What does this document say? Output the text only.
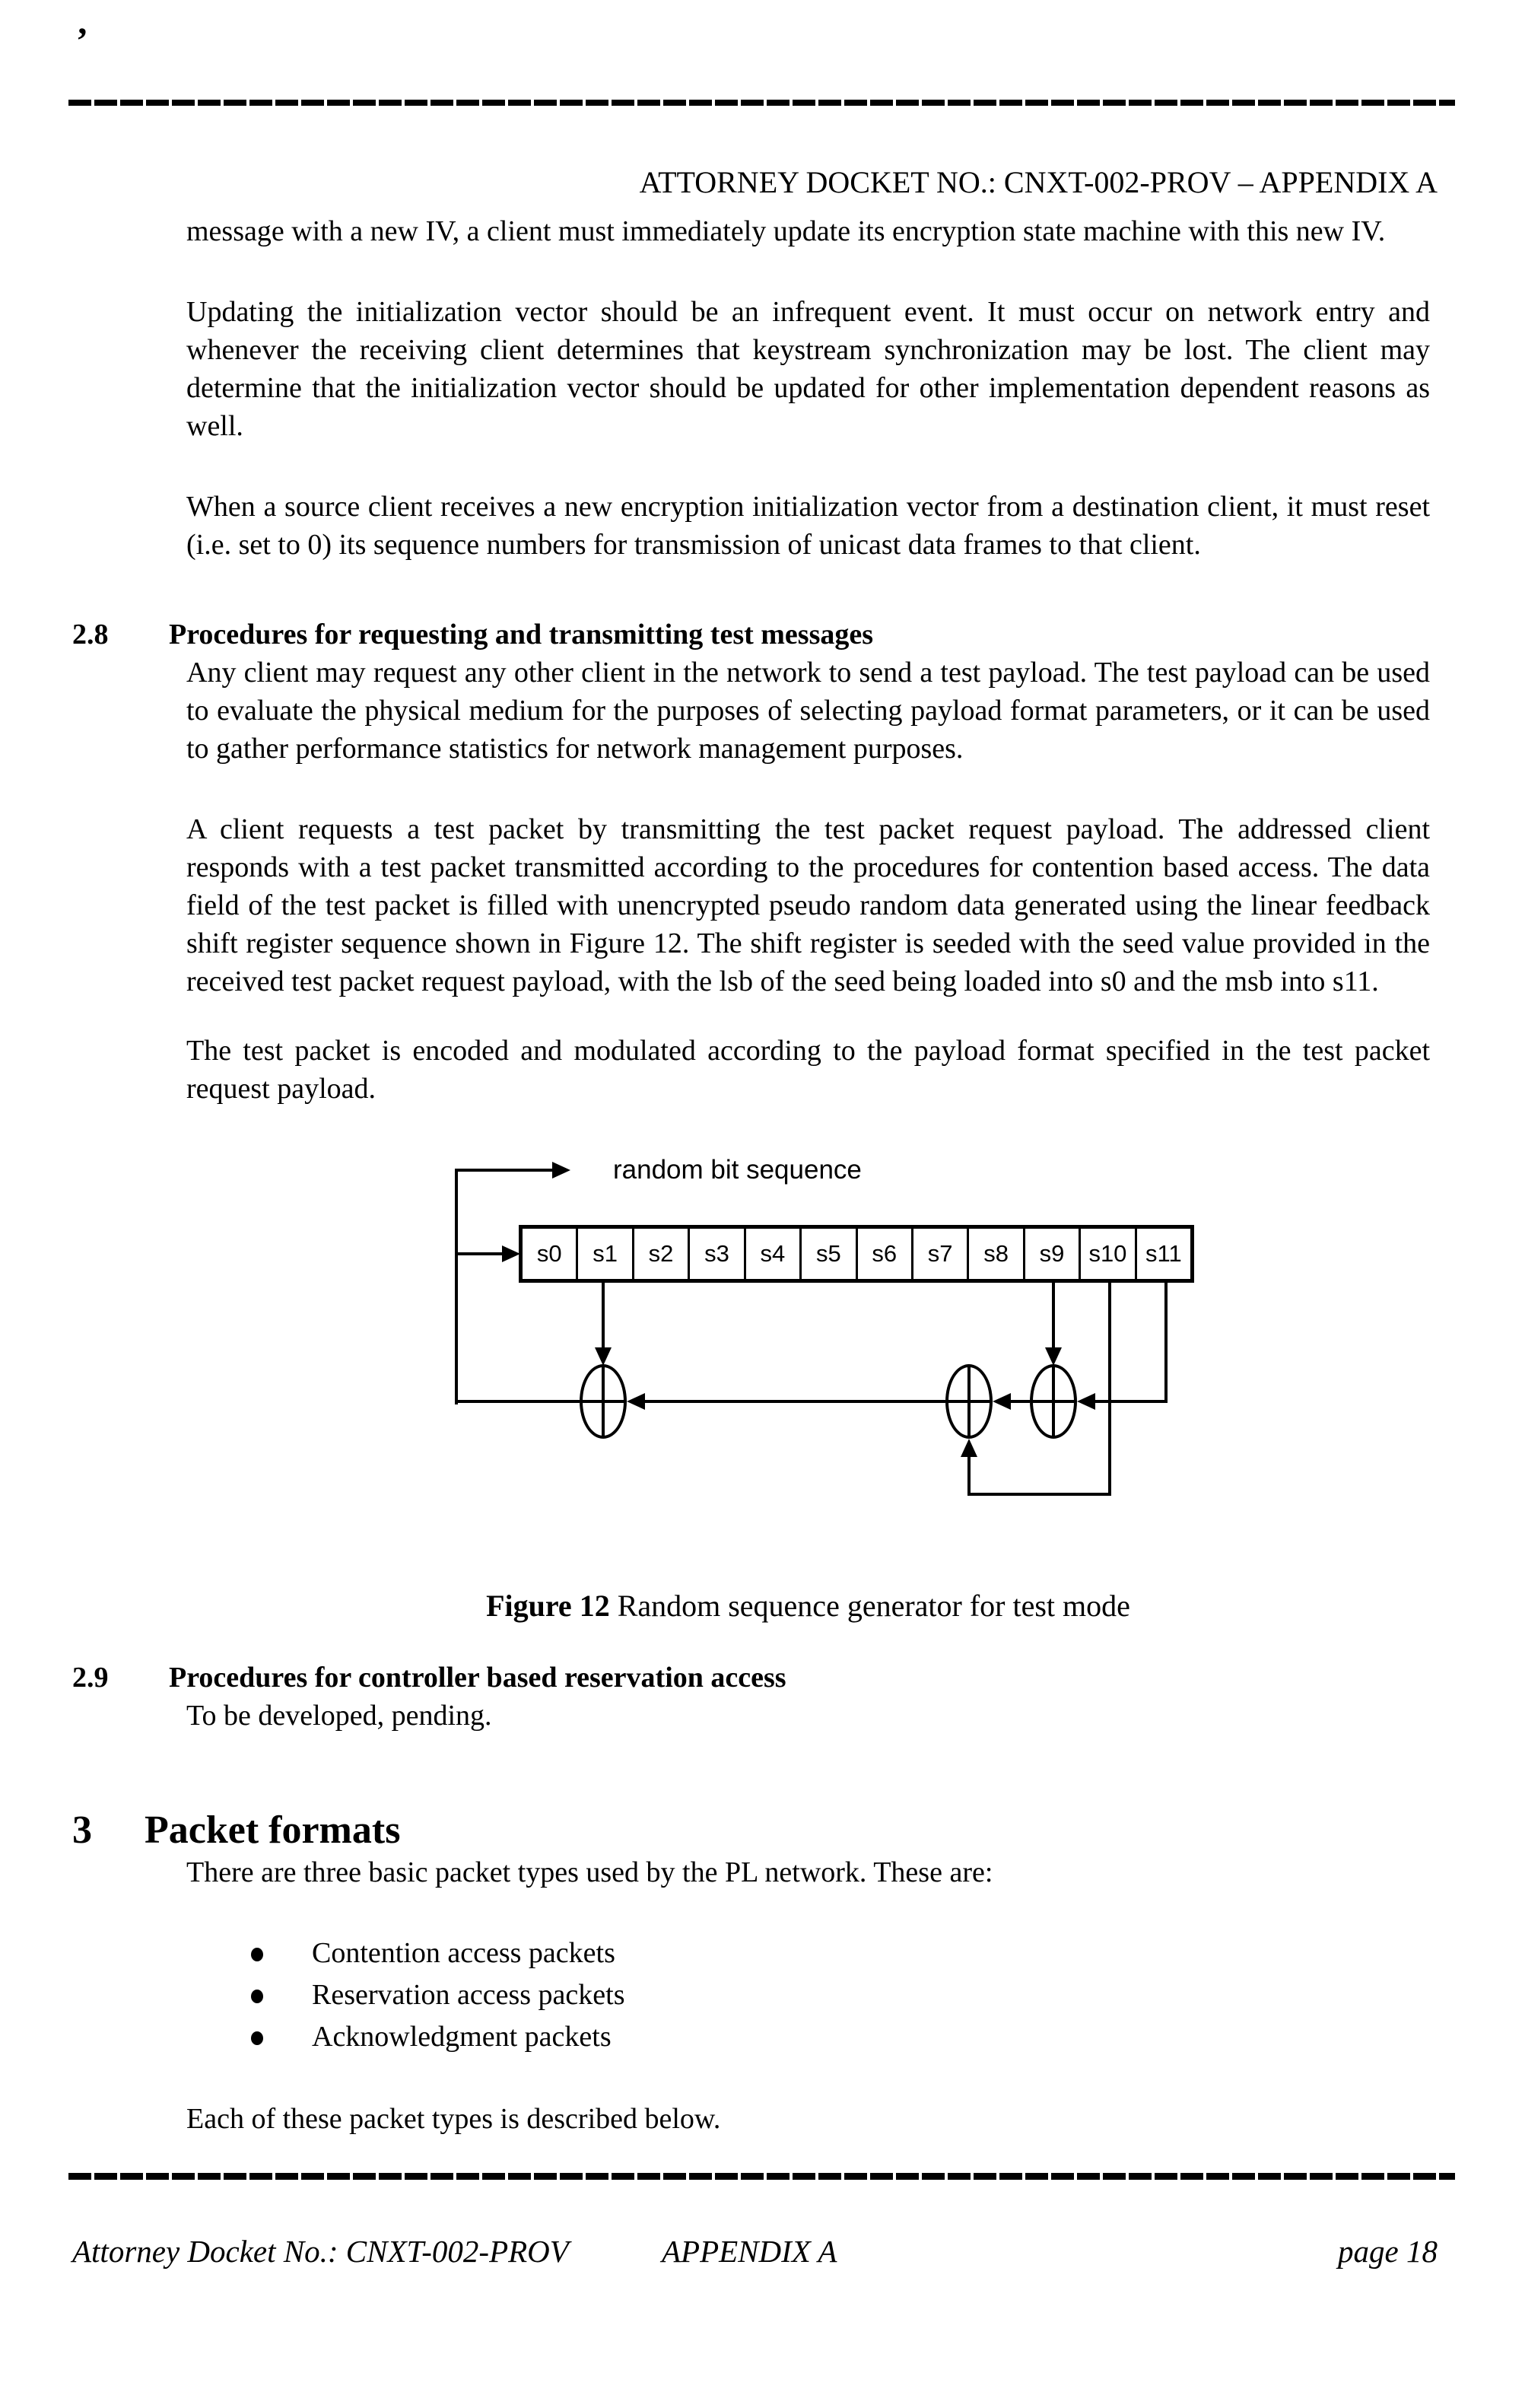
’
ATTORNEY DOCKET NO.: CNXT-002-PROV – APPENDIX A

message with a new IV, a client must immediately update its encryption state machine with this new IV.

Updating the initialization vector should be an infrequent event. It must occur on network entry and whenever the receiving client determines that keystream synchronization may be lost. The client may determine that the initialization vector should be updated for other implementation dependent reasons as well.

When a source client receives a new encryption initialization vector from a destination client, it must reset (i.e. set to 0) its sequence numbers for transmission of unicast data frames to that client.

2.8 Procedures for requesting and transmitting test messages

Any client may request any other client in the network to send a test payload. The test payload can be used to evaluate the physical medium for the purposes of selecting payload format parameters, or it can be used to gather performance statistics for network management purposes.

A client requests a test packet by transmitting the test packet request payload. The addressed client responds with a test packet transmitted according to the procedures for contention based access. The data field of the test packet is filled with unencrypted pseudo random data generated using the linear feedback shift register sequence shown in Figure 12. The shift register is seeded with the seed value provided in the received test packet request payload, with the lsb of the seed being loaded into s0 and the msb into s11.

The test packet is encoded and modulated according to the payload format specified in the test packet request payload.

random bit sequence
s0	s1	s2	s3	s4	s5	s6	s7	s8	s9	s10 s11
Figure 12 Random sequence generator for test mode
2.9 Procedures for controller based reservation access

To be developed, pending.

3 Packet formats

There are three basic packet types used by the PL network. These are:

Contention access packets
Reservation access packets
Acknowledgment packets

Each of these packet types is described below.

Attorney Docket No.: CNXT-002-PROV	APPENDIX A	page 18
